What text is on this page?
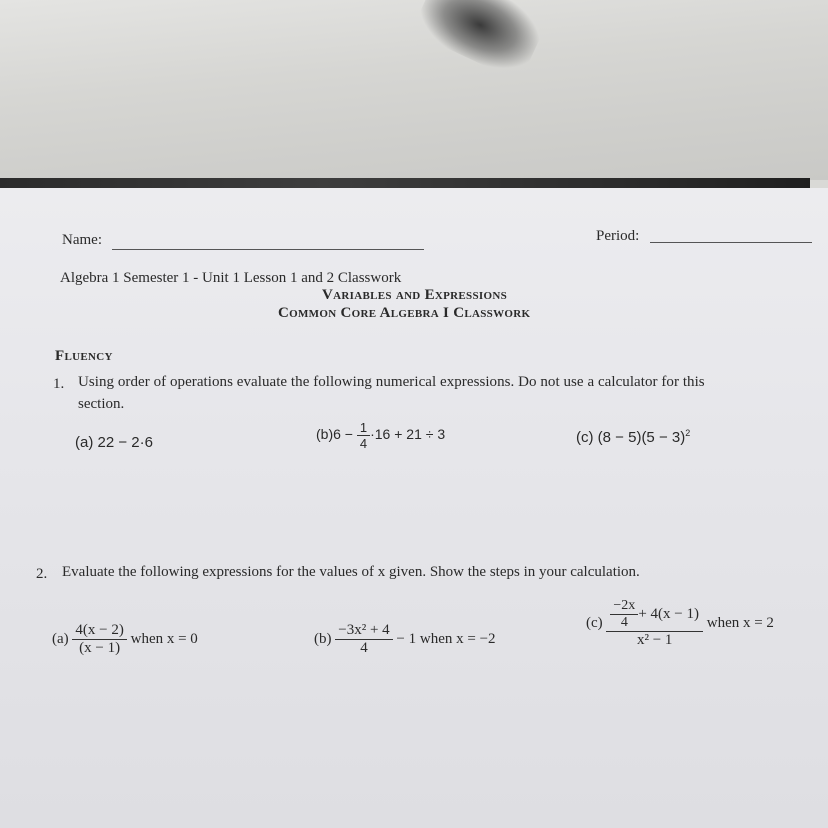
Name:	Period:
Algebra 1 Semester 1 - Unit 1 Lesson 1 and 2 Classwork
Variables and Expressions
Common Core Algebra I Classwork
Fluency
1. Using order of operations evaluate the following numerical expressions. Do not use a calculator for this
section.
(a) 22 − 2·6	$(b)6 - \frac{1}{4} \cdot 16 + 21 \div 3$	(c) $(8 - 5)(5 - 3)^2$
2. Evaluate the following expressions for the values of x given. Show the steps in your calculation.
$(a) \frac{4(x - 2)}{(x - 1)}$ when x = 0	$(b) \frac{\text{−3x² + 4}}{4} - 1$ when x = −2
$(c) \frac{\frac{-2x}{4} + 4(x - 1)}{\text{x² − 1}}$ when x = 2
